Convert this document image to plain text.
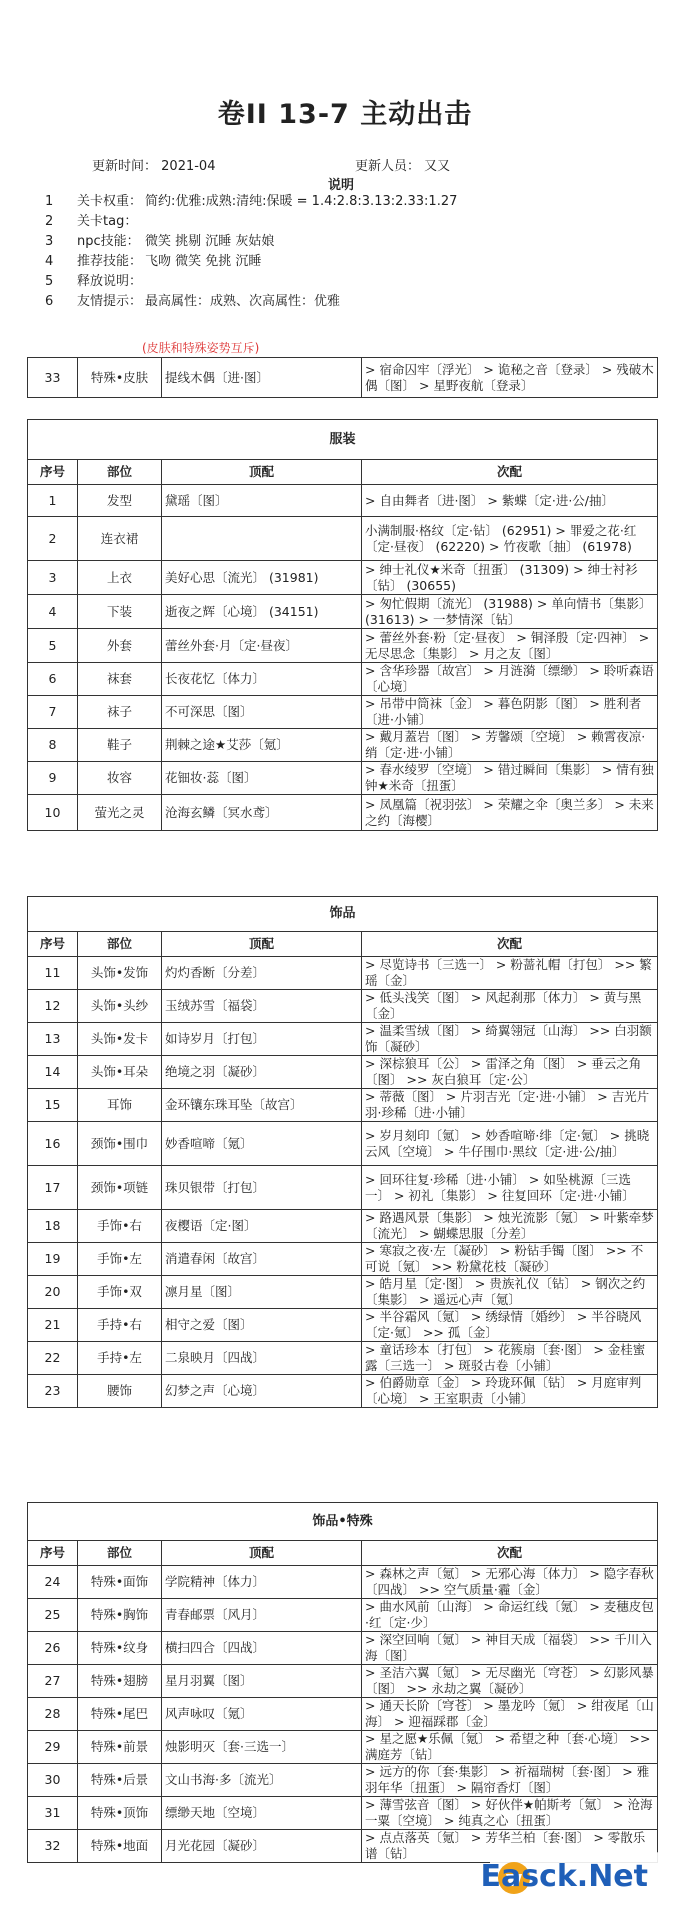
卷II 13-7 主动出击
更新时间： 2021-04	更新人员： 又又
说明
1 关卡权重： 简约:优雅:成熟:清纯:保暖 = 1.4:2.8:3.13:2.33:1.27
2 关卡tag：
3 npc技能： 微笑 挑剔 沉睡 灰姑娘
4 推荐技能： 飞吻 微笑 免挑 沉睡
5 释放说明：
6 友情提示： 最高属性：成熟、次高属性：优雅
(皮肤和特殊姿势互斥)
33	特殊•皮肤	提线木偶〔进·图〕	> 宿命囚牢〔浮光〕 > 诡秘之音〔登录〕 > 残破木偶〔图〕 > 星野夜航〔登录〕
服装			
序号	部位	顶配	次配
1	发型	黛瑶〔图〕	> 自由舞者〔进·图〕 > 紫蝶〔定·进·公/抽〕
2	连衣裙		小满制服·格纹〔定·钻〕 (62951) > 罪爱之花·红〔定·昼夜〕 (62220) > 竹夜歌〔抽〕 (61978)
3	上衣	美好心思〔流光〕 (31981)	> 绅士礼仪★米奇〔扭蛋〕 (31309) > 绅士衬衫〔钻〕 (30655)
4	下装	逝夜之辉〔心境〕 (34151)	> 匆忙假期〔流光〕 (31988) > 单向情书〔集影〕 (31613) > 一梦情深〔钻〕
5	外套	蕾丝外套·月〔定·昼夜〕	> 蕾丝外套·粉〔定·昼夜〕 > 铜泽殷〔定·四神〕 > 无尽思念〔集影〕 > 月之友〔图〕
6	袜套	长夜花忆〔体力〕	> 含华珍器〔故宫〕 > 月涟漪〔缥缈〕 > 聆听森语〔心境〕
7	袜子	不可深思〔图〕	> 吊带中筒袜〔金〕 > 暮色阴影〔图〕 > 胜利者〔进·小铺〕
8	鞋子	荆棘之途★艾莎〔氪〕	> 戴月蓋岩〔图〕 > 芳馨颂〔空境〕 > 赖霄夜凉·绡〔定·进·小铺〕
9	妆容	花钿妆·蕊〔图〕	> 春水绫罗〔空境〕 > 错过瞬间〔集影〕 > 情有独钟★米奇〔扭蛋〕
10	萤光之灵	沧海玄鳞〔冥水鸢〕	> 凤凰篇〔祝羽弦〕 > 荣耀之伞〔奥兰多〕 > 未来之约〔海樱〕
饰品			
序号	部位	顶配	次配
11	头饰•发饰	灼灼香断〔分差〕	> 尽览诗书〔三选一〕 > 粉蔷礼帽〔打包〕 >> 繁瑶〔金〕
12	头饰•头纱	玉绒苏雪〔福袋〕	> 低头浅笑〔图〕 > 风起刹那〔体力〕 > 黄与黑〔金〕
13	头饰•发卡	如诗岁月〔打包〕	> 温柔雪绒〔图〕 > 绮翼翎冠〔山海〕 >> 白羽额饰〔凝砂〕
14	头饰•耳朵	绝境之羽〔凝砂〕	> 深棕狼耳〔公〕 > 雷泽之角〔图〕 > 垂云之角〔图〕 >> 灰白狼耳〔定·公〕
15	耳饰	金环镶东珠耳坠〔故宫〕	> 蒂薇〔图〕 > 片羽吉光〔定·进·小铺〕 > 吉光片羽·珍稀〔进·小铺〕
16	颈饰•围巾	妙香喧啼〔氪〕	> 岁月刻印〔氪〕 > 妙香喧啼·绯〔定·氪〕 > 挑晓云风〔空境〕 > 牛仔围巾·黑纹〔定·进·公/抽〕
17	颈饰•项链	珠贝银带〔打包〕	> 回环往复·珍稀〔进·小铺〕 > 如坠桃源〔三选一〕 > 初礼〔集影〕 > 往复回环〔定·进·小铺〕
18	手饰•右	夜樱语〔定·图〕	> 路遇风景〔集影〕 > 烛光流影〔氪〕 > 叶紫牵梦〔流光〕 > 蝴蝶思服〔分差〕
19	手饰•左	消遣春闲〔故宫〕	> 寒寂之夜·左〔凝砂〕 > 粉钻手镯〔图〕 >> 不可说〔氪〕 >> 粉黛花枝〔凝砂〕
20	手饰•双	凛月星〔图〕	> 皓月星〔定·图〕 > 贵族礼仪〔钻〕 > 钢次之约〔集影〕 > 遥远心声〔氪〕
21	手持•右	相守之爱〔图〕	> 半谷霜风〔氪〕 > 绣绿情〔婚纱〕 > 半谷晓风〔定·氪〕 >> 孤〔金〕
22	手持•左	二泉映月〔四战〕	> 童话珍本〔打包〕 > 花簇扇〔套·图〕 > 金桂蜜露〔三选一〕 > 斑驳古卷〔小铺〕
23	腰饰	幻梦之声〔心境〕	> 伯爵勋章〔金〕 > 玲珑环佩〔钻〕 > 月庭审判〔心境〕 > 王室职责〔小铺〕
饰品•特殊			
序号	部位	顶配	次配
24	特殊•面饰	学院精神〔体力〕	> 森林之声〔氪〕 > 无邪心海〔体力〕 > 隐字春秋〔四战〕 >> 空气质量·霾〔金〕
25	特殊•胸饰	青春邮票〔风月〕	> 曲水风前〔山海〕 > 命运红线〔氪〕 > 麦穗皮包·红〔定·少〕
26	特殊•纹身	横扫四合〔四战〕	> 深空回响〔氪〕 > 神目天成〔福袋〕 >> 千川入海〔图〕
27	特殊•翅膀	星月羽翼〔图〕	> 圣洁六翼〔氪〕 > 无尽幽光〔穹苍〕 > 幻影风暴〔图〕 >> 永劫之翼〔凝砂〕
28	特殊•尾巴	风声咏叹〔氪〕	> 通天长阶〔穹苍〕 > 墨龙吟〔氪〕 > 绀夜尾〔山海〕 > 迎福踩郡〔金〕
29	特殊•前景	烛影明灭〔套·三选一〕	> 星之愿★乐佩〔氪〕 > 希望之种〔套·心境〕 >> 满庭芳〔钻〕
30	特殊•后景	文山书海·多〔流光〕	> 远方的你〔套·集影〕 > 祈福瑞树〔套·图〕 > 雅羽年华〔扭蛋〕 > 隔帘香灯〔图〕
31	特殊•顶饰	缥缈天地〔空境〕	> 薄雪弦音〔图〕 > 好伙伴★帕斯考〔氪〕 > 沧海一粟〔空境〕 > 纯真之心〔扭蛋〕
32	特殊•地面	月光花园〔凝砂〕	> 点点落英〔氪〕 > 芳华兰柏〔套·图〕 > 零散乐谱〔钻〕
Easck.Net
